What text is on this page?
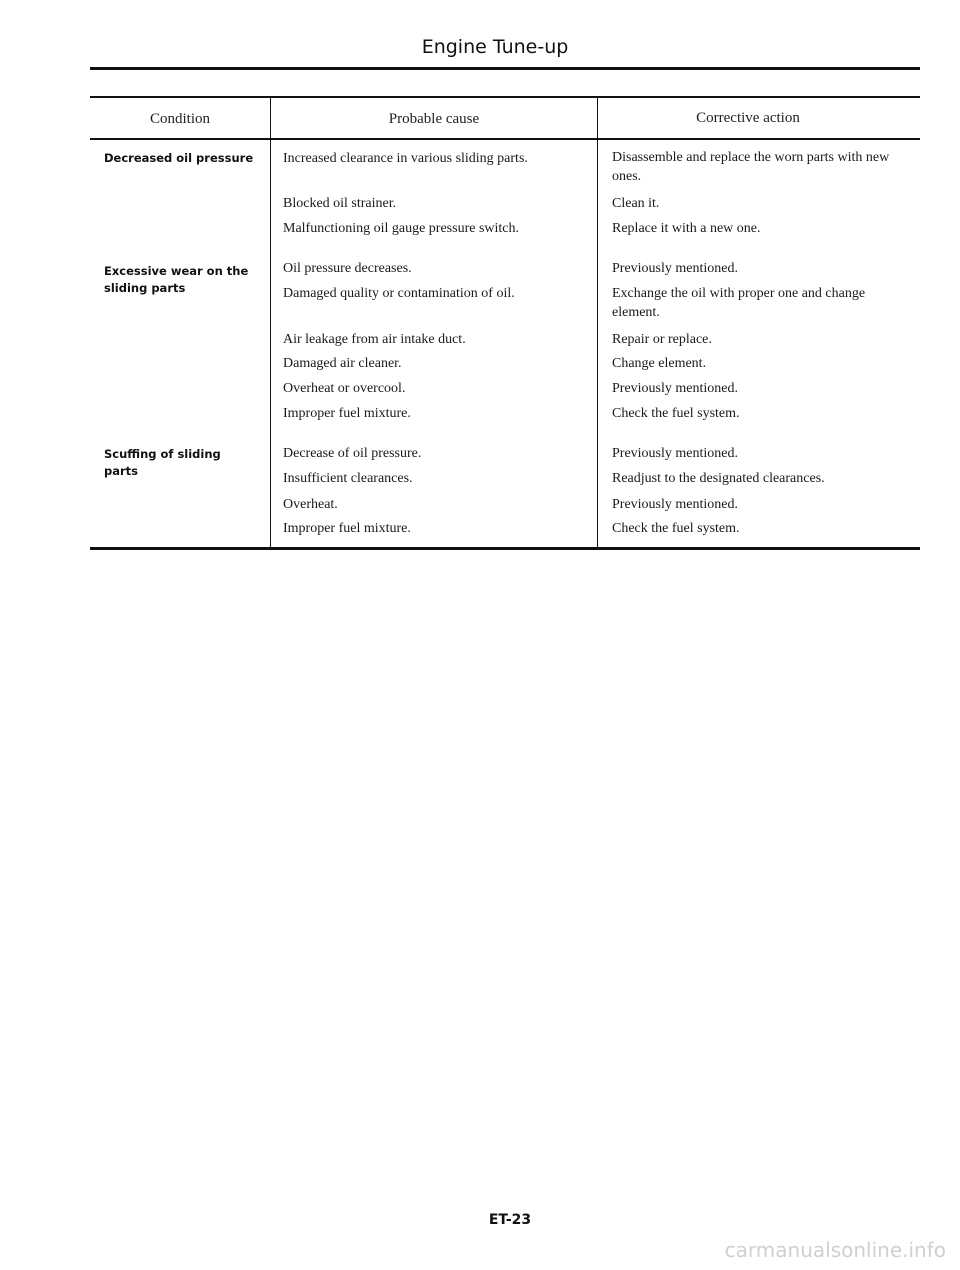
Engine Tune-up
Condition	Probable cause	Corrective action
Decreased oil pressure
Excessive wear on the sliding parts
Scuffing of sliding parts
Increased clearance in various sliding parts.
Blocked oil strainer.
Malfunctioning oil gauge pressure switch.
Oil pressure decreases.
Damaged quality or contamination of oil.
Air leakage from air intake duct.
Damaged air cleaner.
Overheat or overcool.
Improper fuel mixture.
Decrease of oil pressure.
Insufficient clearances.
Overheat.
Improper fuel mixture.
Disassemble and replace the worn parts with new ones.
Clean it.
Replace it with a new one.
Previously mentioned.
Exchange the oil with proper one and change element.
Repair or replace.
Change element.
Previously mentioned.
Check the fuel system.
Previously mentioned.
Readjust to the designated clearances.
Previously mentioned.
Check the fuel system.
ET-23
carmanualsonline.info
